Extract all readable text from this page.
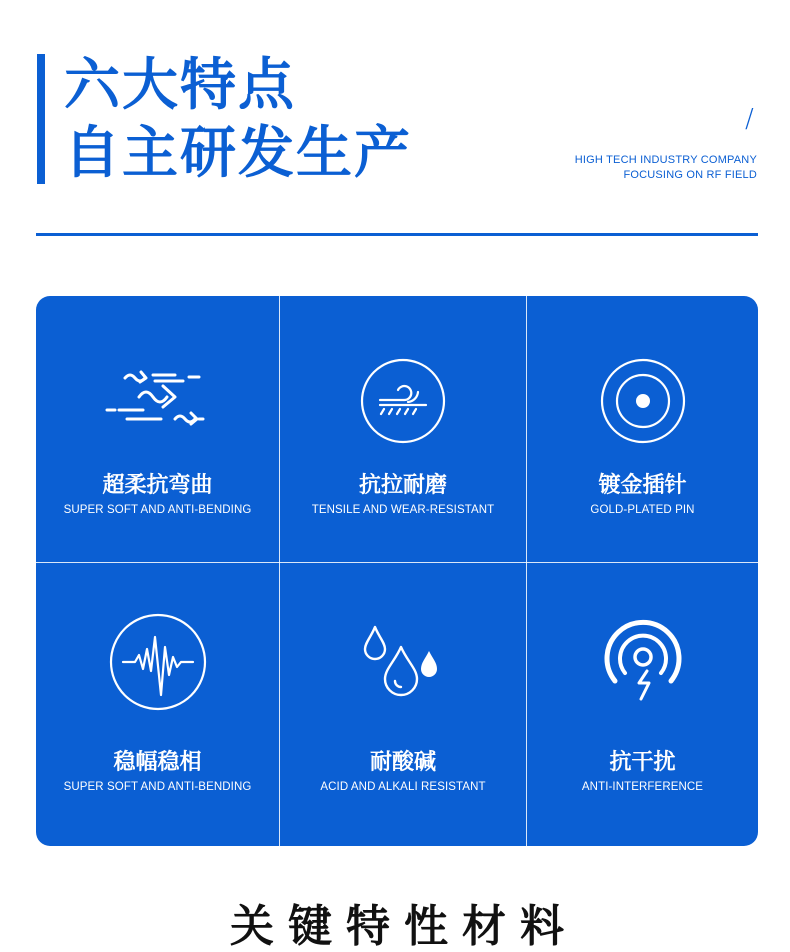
六大特点
自主研发生产
/
HIGH TECH INDUSTRY COMPANY
FOCUSING ON RF FIELD
超柔抗弯曲
SUPER SOFT AND ANTI-BENDING
抗拉耐磨
TENSILE AND WEAR-RESISTANT
镀金插针
GOLD-PLATED PIN
稳幅稳相
SUPER SOFT AND ANTI-BENDING
耐酸碱
ACID AND ALKALI RESISTANT
抗干扰
ANTI-INTERFERENCE
关键特性材料
